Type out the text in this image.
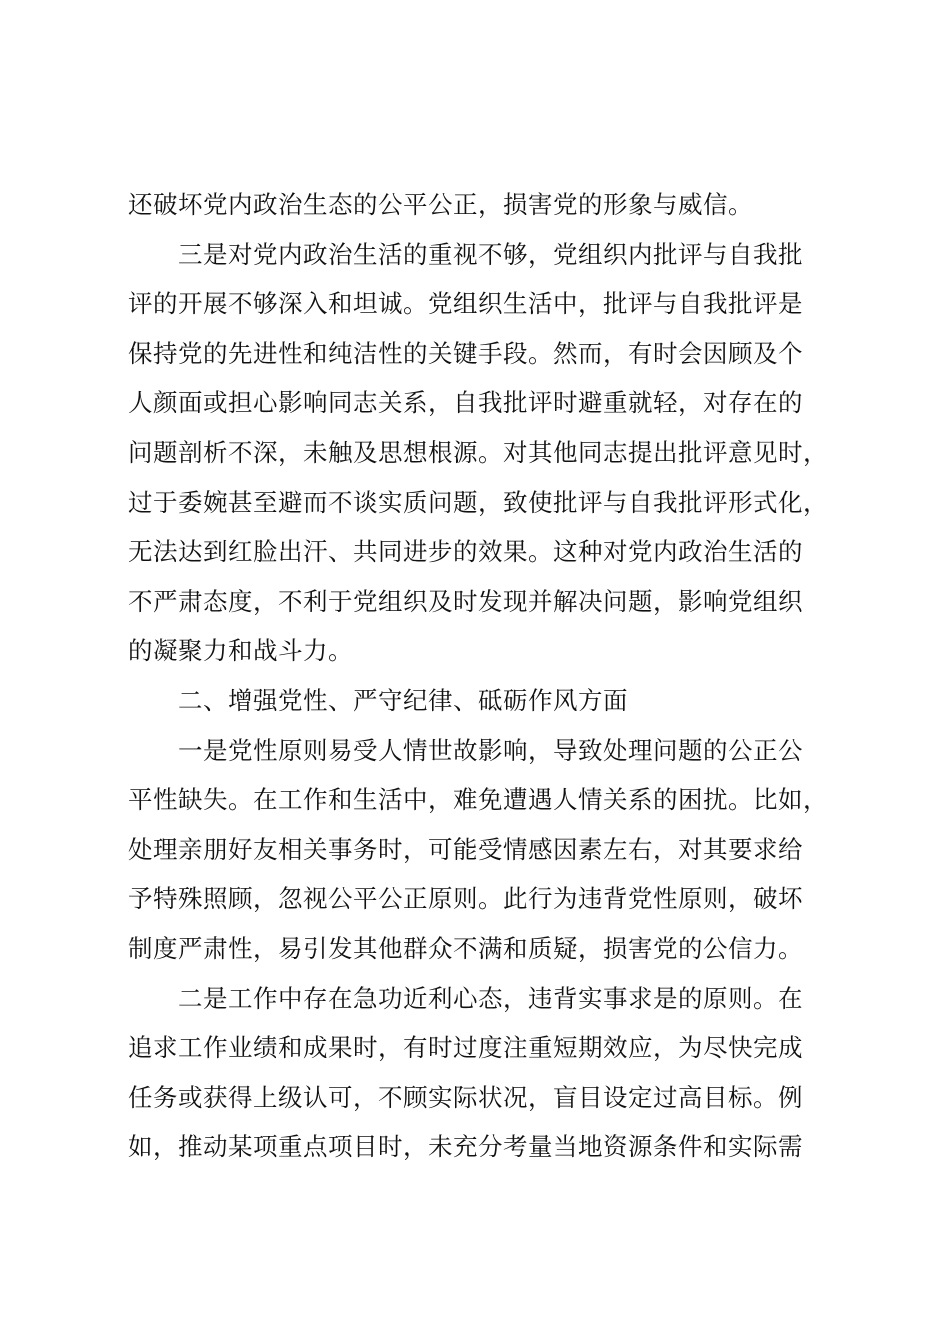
还破坏党内政治生态的公平公正，损害党的形象与威信。
三是对党内政治生活的重视不够，党组织内批评与自我批
评的开展不够深入和坦诚。党组织生活中，批评与自我批评是
保持党的先进性和纯洁性的关键手段。然而，有时会因顾及个
人颜面或担心影响同志关系，自我批评时避重就轻，对存在的
问题剖析不深，未触及思想根源。对其他同志提出批评意见时，
过于委婉甚至避而不谈实质问题，致使批评与自我批评形式化，
无法达到红脸出汗、共同进步的效果。这种对党内政治生活的
不严肃态度，不利于党组织及时发现并解决问题，影响党组织
的凝聚力和战斗力。
二、增强党性、严守纪律、砥砺作风方面
一是党性原则易受人情世故影响，导致处理问题的公正公
平性缺失。在工作和生活中，难免遭遇人情关系的困扰。比如，
处理亲朋好友相关事务时，可能受情感因素左右，对其要求给
予特殊照顾，忽视公平公正原则。此行为违背党性原则，破坏
制度严肃性，易引发其他群众不满和质疑，损害党的公信力。
二是工作中存在急功近利心态，违背实事求是的原则。在
追求工作业绩和成果时，有时过度注重短期效应，为尽快完成
任务或获得上级认可，不顾实际状况，盲目设定过高目标。例
如，推动某项重点项目时，未充分考量当地资源条件和实际需
